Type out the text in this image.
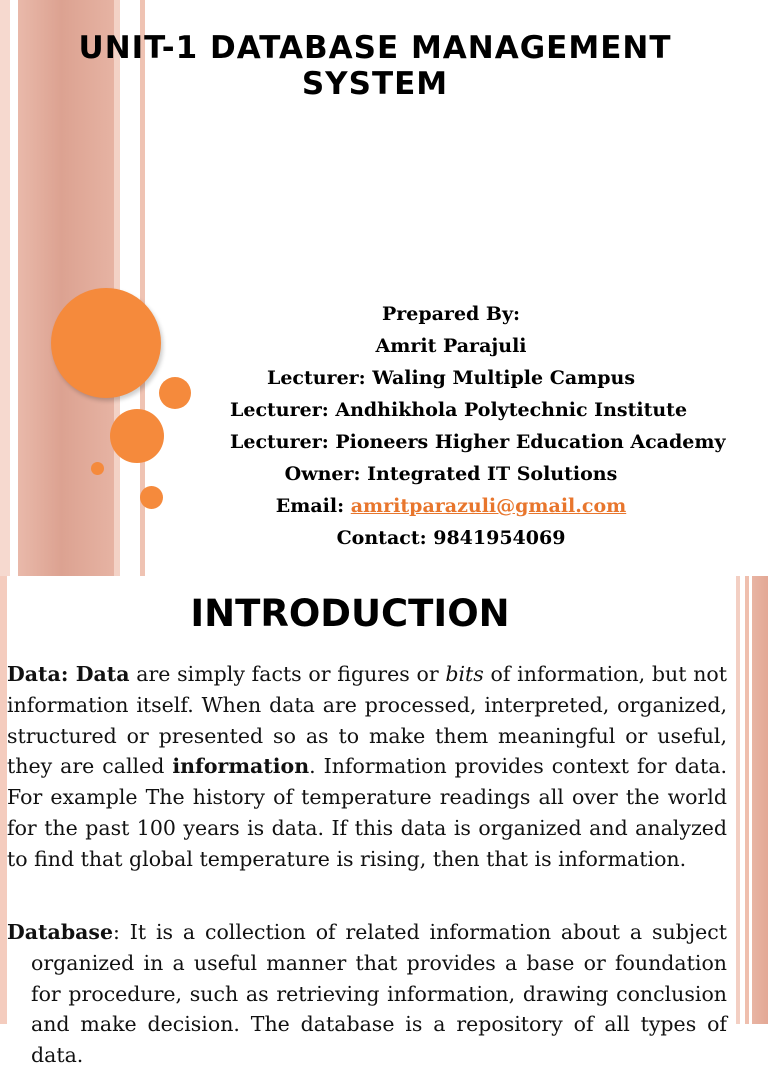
UNIT-1 DATABASE MANAGEMENT SYSTEM
Prepared By:
Amrit Parajuli
Lecturer: Waling Multiple Campus
Lecturer: Andhikhola Polytechnic Institute
Lecturer: Pioneers Higher Education Academy
Owner: Integrated IT Solutions
Email: amritparazuli@gmail.com
Contact: 9841954069
INTRODUCTION

Data: Data are simply facts or figures or bits of information, but not information itself. When data are processed, interpreted, organized, structured or presented so as to make them meaningful or useful, they are called information. Information provides context for data. For example The history of temperature readings all over the world for the past 100 years is data. If this data is organized and analyzed to find that global temperature is rising, then that is information.

Database: It is a collection of related information about a subject organized in a useful manner that provides a base or foundation for procedure, such as retrieving information, drawing conclusion and make decision. The database is a repository of all types of data.
